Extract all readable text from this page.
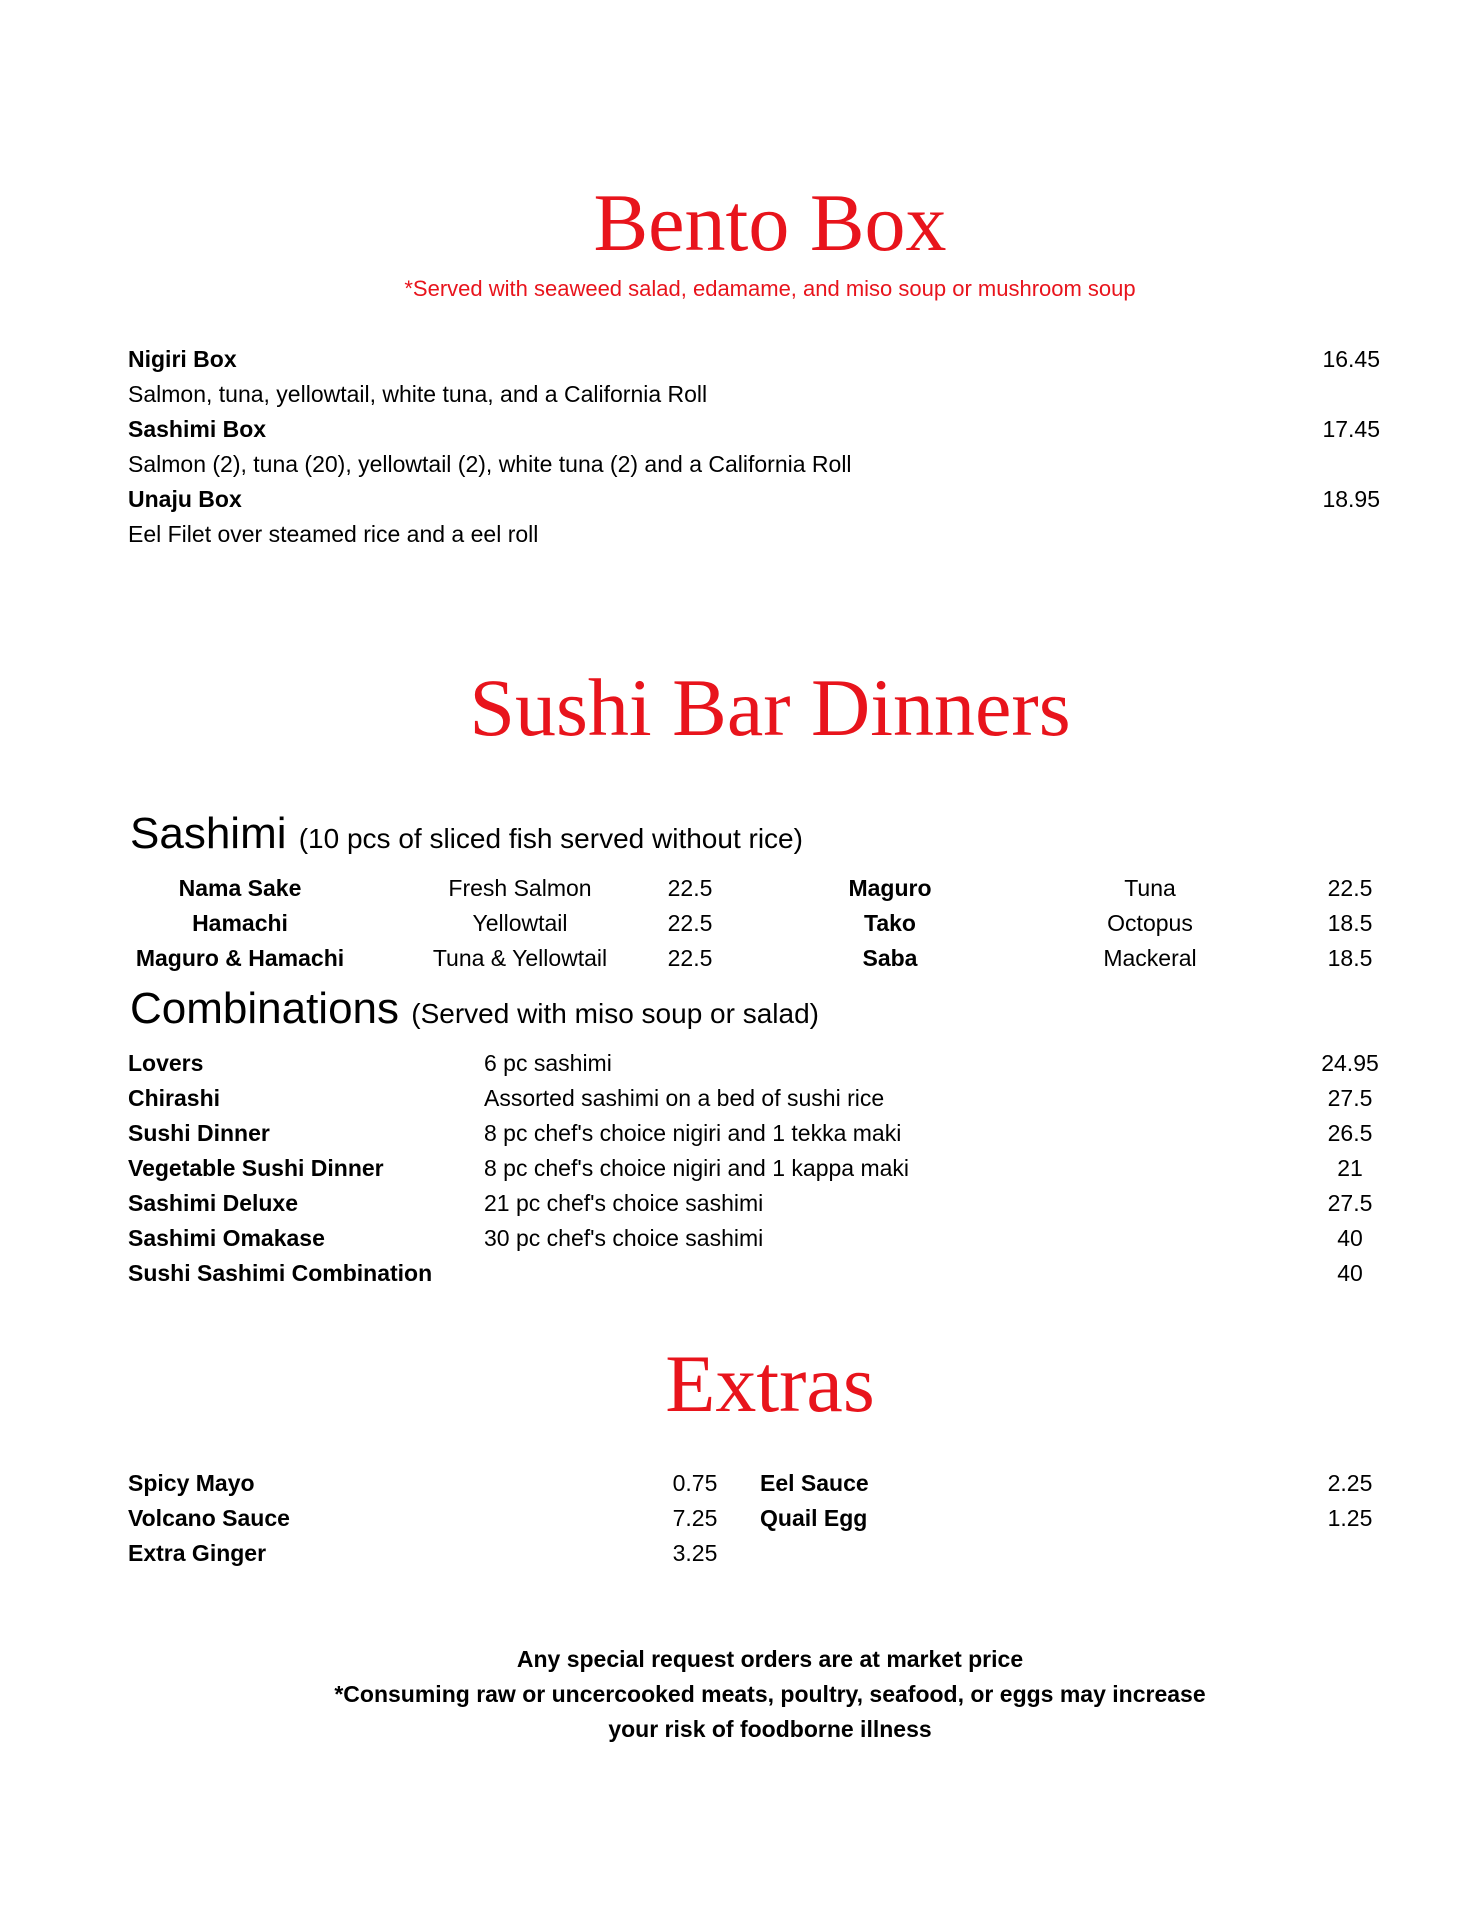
Bento Box
*Served with seaweed salad, edamame, and miso soup or mushroom soup
Nigiri Box	16.45
Salmon, tuna, yellowtail, white tuna, and a California Roll
Sashimi Box	17.45
Salmon (2), tuna (20), yellowtail (2), white tuna (2) and a California Roll
Unaju Box	18.95
Eel Filet over steamed rice and a eel roll
Sushi Bar Dinners
Sashimi (10 pcs of sliced fish served without rice)
Nama Sake	Fresh Salmon	22.5	Maguro	Tuna	22.5
Hamachi	Yellowtail	22.5	Tako	Octopus	18.5
Maguro & Hamachi	Tuna & Yellowtail	22.5	Saba	Mackeral	18.5
Combinations (Served with miso soup or salad)
Lovers	6 pc sashimi	24.95
Chirashi	Assorted sashimi on a bed of sushi rice	27.5
Sushi Dinner	8 pc chef's choice nigiri and 1 tekka maki	26.5
Vegetable Sushi Dinner	8 pc chef's choice nigiri and 1 kappa maki	21
Sashimi Deluxe	21 pc chef's choice sashimi	27.5
Sashimi Omakase	30 pc chef's choice sashimi	40
Sushi Sashimi Combination	40
Extras
Spicy Mayo	0.75	Eel Sauce	2.25
Volcano Sauce	7.25	Quail Egg	1.25
Extra Ginger	3.25
Any special request orders are at market price
*Consuming raw or uncercooked meats, poultry, seafood, or eggs may increase
your risk of foodborne illness
